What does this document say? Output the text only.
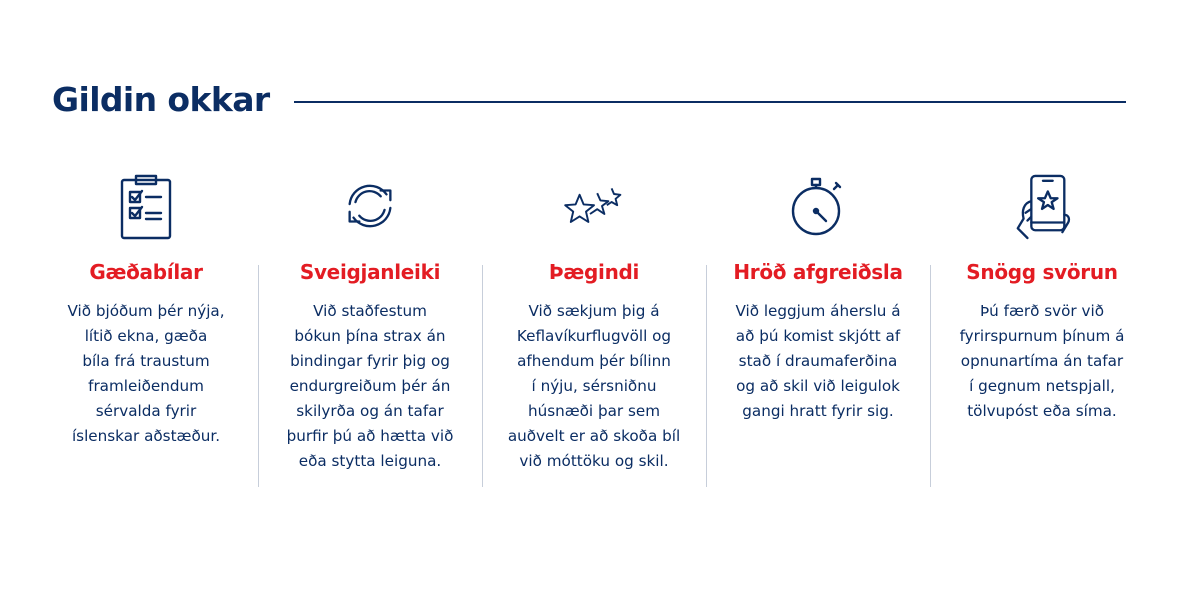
Gildin okkar
Gæðabílar
Við bjóðum þér nýja,
lítið ekna, gæða
bíla frá traustum
framleiðendum
sérvalda fyrir
íslenskar aðstæður.
Sveigjanleiki
Við staðfestum
bókun þína strax án
bindingar fyrir þig og
endurgreiðum þér án
skilyrða og án tafar
þurfir þú að hætta við
eða stytta leiguna.
Þægindi
Við sækjum þig á
Keflavíkurflugvöll og
afhendum þér bílinn
í nýju, sérsniðnu
húsnæði þar sem
auðvelt er að skoða bíl
við móttöku og skil.
Hröð afgreiðsla
Við leggjum áherslu á
að þú komist skjótt af
stað í draumaferðina
og að skil við leigulok
gangi hratt fyrir sig.
Snögg svörun
Þú færð svör við
fyrirspurnum þínum á
opnunartíma án tafar
í gegnum netspjall,
tölvupóst eða síma.
